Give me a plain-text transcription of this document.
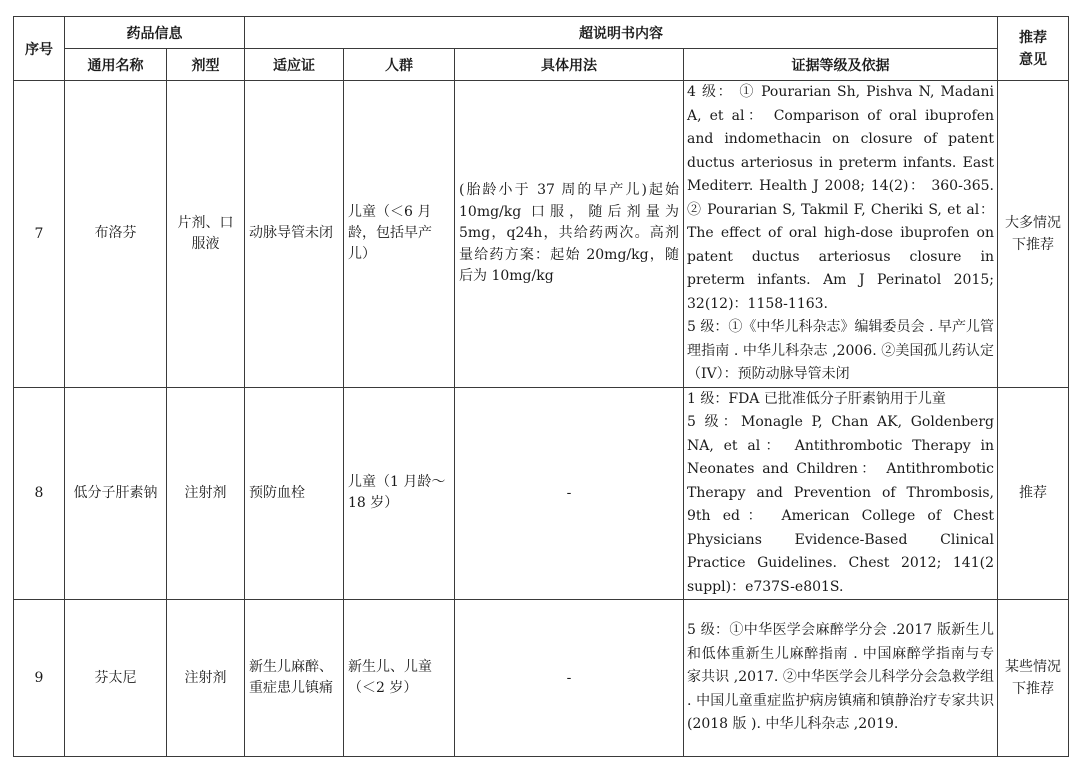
序号	药品信息		超说明书内容				推荐
意见

	通用名称	剂型	适应证	人群	具体用法	证据等级及依据	
7	布洛芬	片剂、口服液	动脉导管未闭	儿童（＜6 月龄，包括早产儿）	(胎龄小于 37 周的早产儿)起始 10mg/kg 口服，随后剂量为 5mg，q24h，共给药两次。高剂量给药方案：起始 20mg/kg，随后为 10mg/kg	4 级： ① Pourarian Sh, Pishva N, Madani A, et al： Comparison of oral ibuprofen and indomethacin on closure of patent ductus arteriosus in preterm infants. East Mediterr. Health J 2008; 14(2)： 360-365. ② Pourarian S, Takmil F, Cheriki S, et al： The effect of oral high-dose ibuprofen on patent ductus arteriosus closure in preterm infants. Am J Perinatol 2015; 32(12)：1158-1163.
5 级：①《中华儿科杂志》编辑委员会 . 早产儿管理指南 . 中华儿科杂志 ,2006. ②美国孤儿药认定（IV）：预防动脉导管未闭	大多情况下推荐
8	低分子肝素钠	注射剂	预防血栓	儿童（1 月龄～ 18 岁）	-	1 级：FDA 已批准低分子肝素钠用于儿童
5 级：Monagle P, Chan AK, Goldenberg NA, et al： Antithrombotic Therapy in Neonates and Children： Antithrombotic Therapy and Prevention of Thrombosis, 9th ed： American College of Chest Physicians Evidence-Based Clinical Practice Guidelines. Chest 2012; 141(2 suppl)：e737S-e801S.	推荐
9	芬太尼	注射剂	新生儿麻醉、重症患儿镇痛	新生儿、儿童（＜2 岁）	-	5 级：①中华医学会麻醉学分会 .2017 版新生儿和低体重新生儿麻醉指南 . 中国麻醉学指南与专家共识 ,2017. ②中华医学会儿科学分会急救学组 . 中国儿童重症监护病房镇痛和镇静治疗专家共识 (2018 版 ). 中华儿科杂志 ,2019.	某些情况下推荐
